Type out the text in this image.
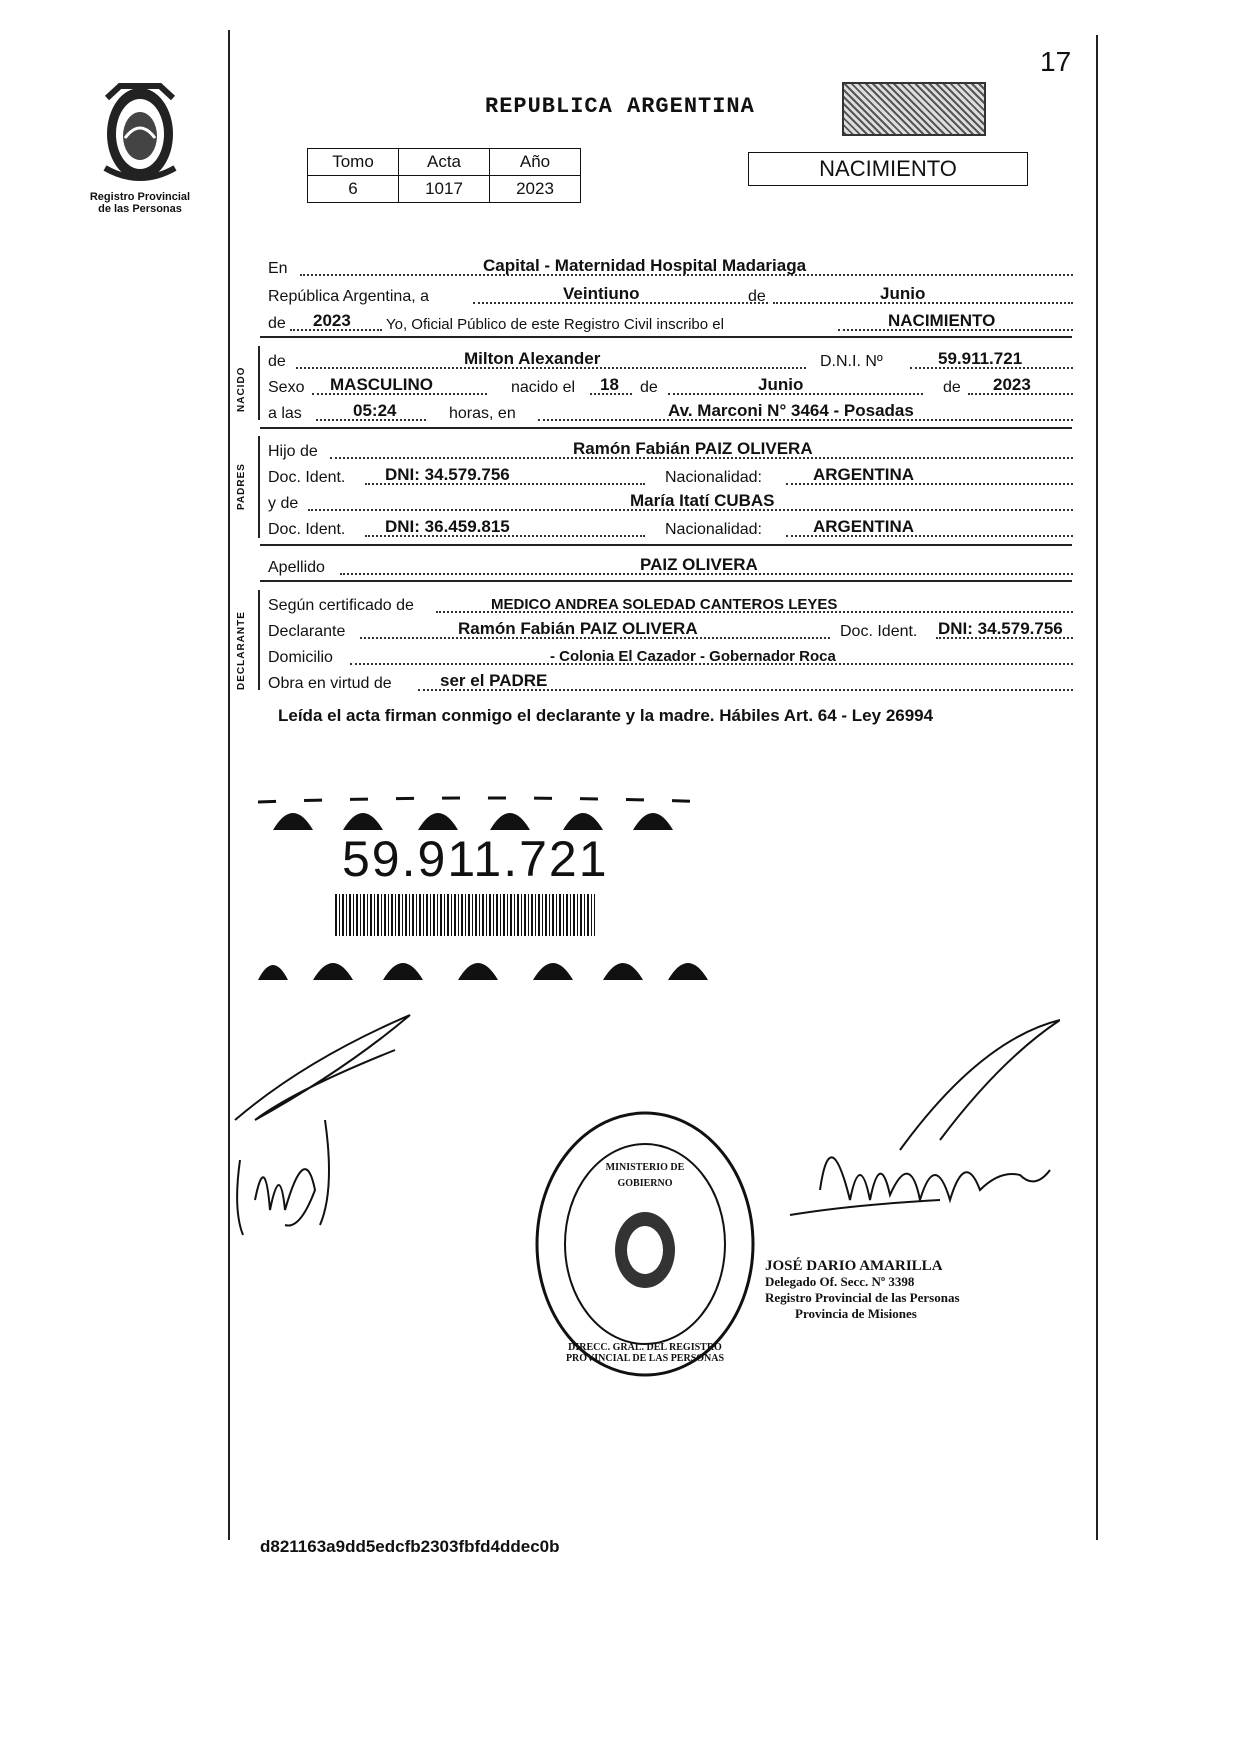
17
Registro Provincial
de las Personas
REPUBLICA ARGENTINA
Tomo	Acta	Año
6	1017	2023
NACIMIENTO
En	Capital - Maternidad Hospital Madariaga
República Argentina, a	Veintiuno	de	Junio
de 2023 Yo, Oficial Público de este Registro Civil inscribo el	NACIMIENTO
NACIDO
de	Milton Alexander	D.N.I. Nº	59.911.721
Sexo MASCULINO	nacido el 18 de	Junio	de 2023
a las	05:24	horas, en	Av. Marconi N° 3464 - Posadas
PADRES
Hijo de	Ramón Fabián PAIZ OLIVERA
Doc. Ident. DNI: 34.579.756	Nacionalidad:	ARGENTINA
y de	María Itatí CUBAS
Doc. Ident. DNI: 36.459.815	Nacionalidad:	ARGENTINA
Apellido	PAIZ OLIVERA
DECLARANTE
Según certificado de	MEDICO ANDREA SOLEDAD CANTEROS LEYES
Declarante	Ramón Fabián PAIZ OLIVERA	Doc. Ident. DNI: 34.579.756
Domicilio	- Colonia El Cazador - Gobernador Roca
Obra en virtud de	ser el PADRE
Leída el acta firman conmigo el declarante y la madre. Hábiles Art. 64 - Ley 26994
59.911.721
DIRECC. GRAL. DEL REGISTRO PROVINCIAL DE LAS PERSONAS
MINISTERIO DE GOBIERNO
JOSÉ DARIO AMARILLA
Delegado Of. Secc. Nº 3398
Registro Provincial de las Personas
Provincia de Misiones
d821163a9dd5edcfb2303fbfd4ddec0b
